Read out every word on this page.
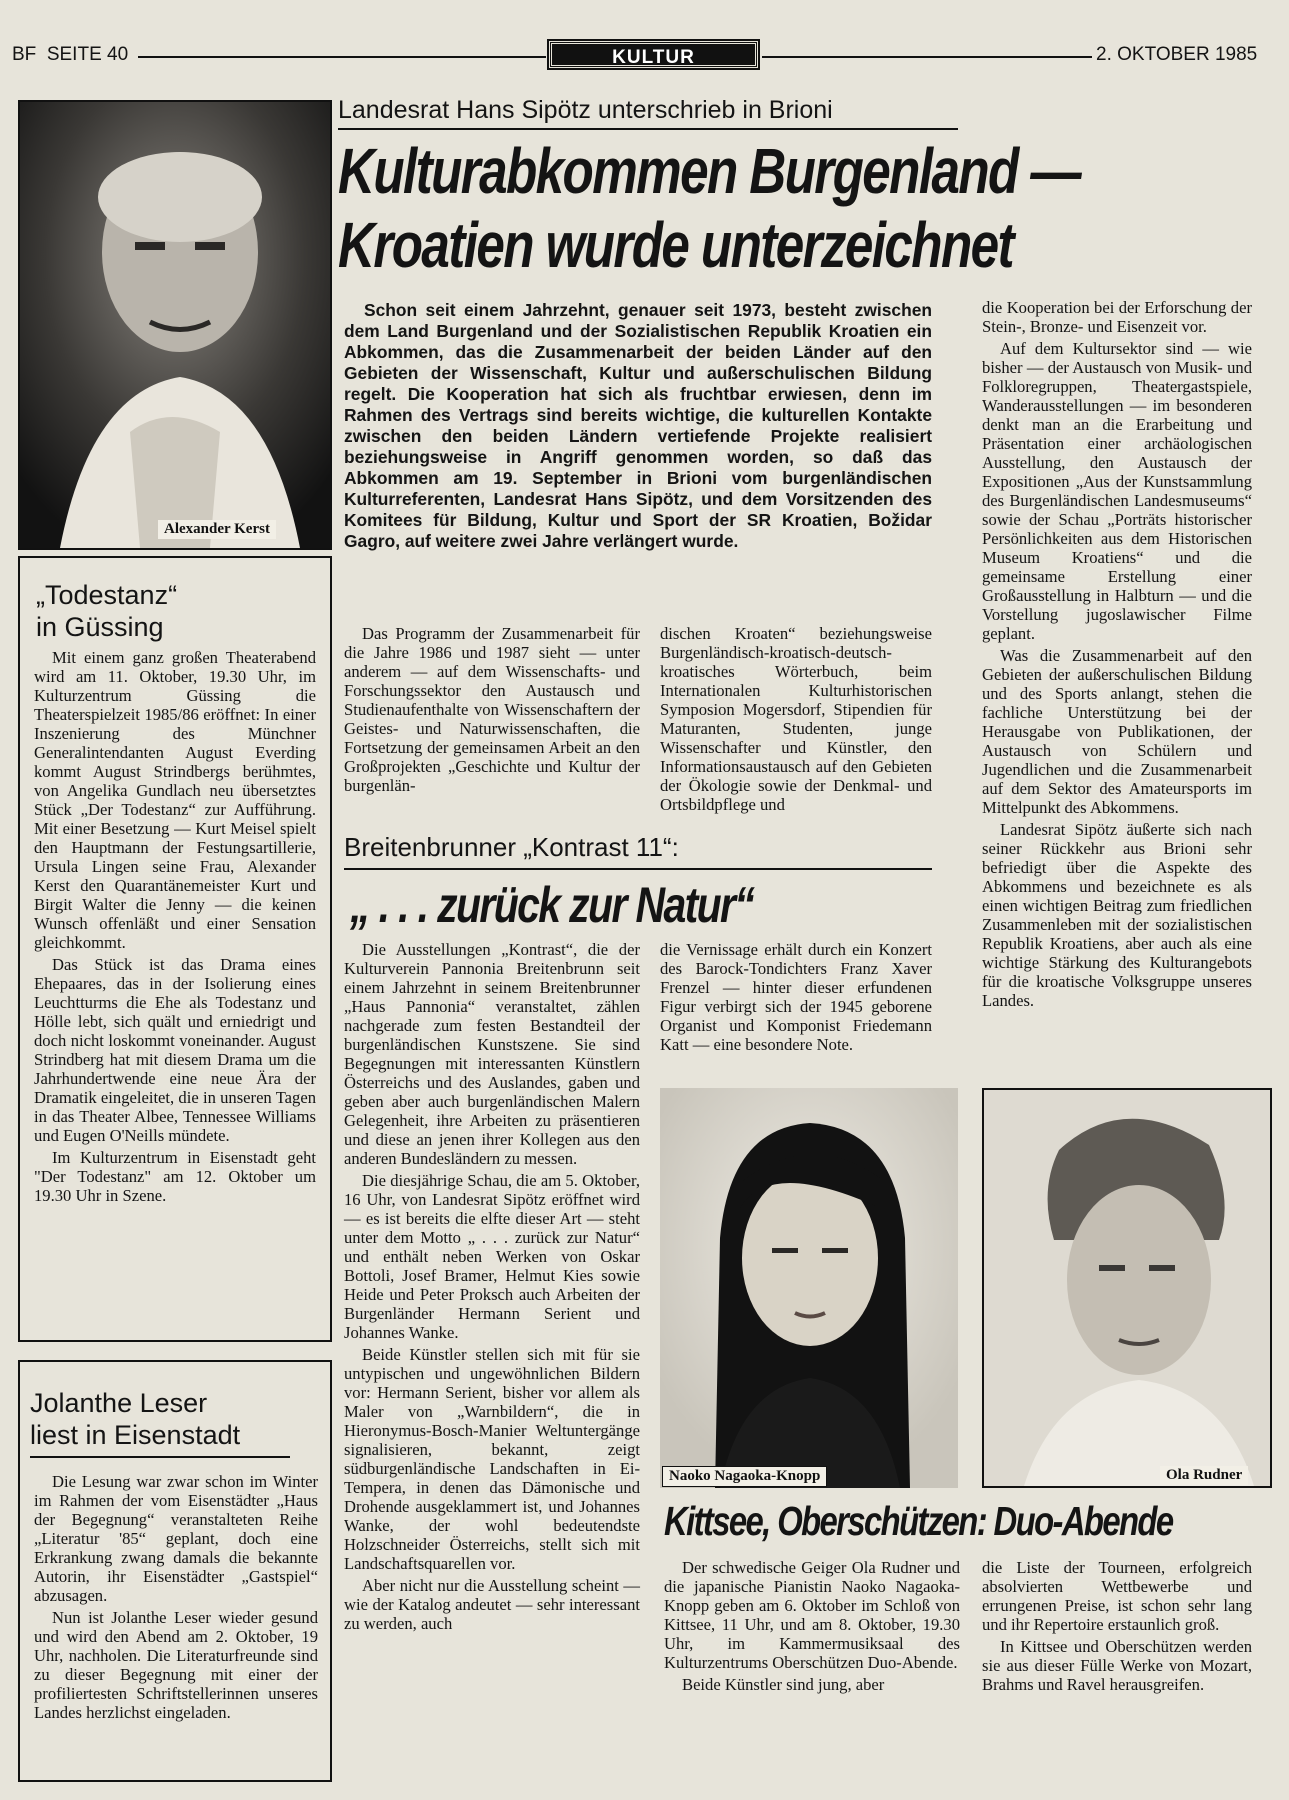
BF  SEITE 40	KULTUR	2. OKTOBER 1985
Alexander Kerst
„Todestanz“
in Güssing

Mit einem ganz großen Theaterabend wird am 11. Oktober, 19.30 Uhr, im Kulturzentrum Güssing die Theaterspielzeit 1985/86 eröffnet: In einer Inszenierung des Münchner Generalintendanten August Everding kommt August Strindbergs berühmtes, von Angelika Gundlach neu übersetztes Stück „Der Todestanz“ zur Aufführung. Mit einer Besetzung — Kurt Meisel spielt den Hauptmann der Festungsartillerie, Ursula Lingen seine Frau, Alexander Kerst den Quarantänemeister Kurt und Birgit Walter die Jenny — die keinen Wunsch offenläßt und einer Sensation gleichkommt.

Das Stück ist das Drama eines Ehepaares, das in der Isolierung eines Leuchtturms die Ehe als Todestanz und Hölle lebt, sich quält und erniedrigt und doch nicht loskommt voneinander. August Strindberg hat mit diesem Drama um die Jahrhundertwende eine neue Ära der Dramatik eingeleitet, die in unseren Tagen in das Theater Albee, Tennessee Williams und Eugen O'Neills mündete.

Im Kulturzentrum in Eisenstadt geht "Der Todestanz" am 12. Oktober um 19.30 Uhr in Szene.

Jolanthe Leser
liest in Eisenstadt

Die Lesung war zwar schon im Winter im Rahmen der vom Eisenstädter „Haus der Begegnung“ veranstalteten Reihe „Literatur '85“ geplant, doch eine Erkrankung zwang damals die bekannte Autorin, ihr Eisenstädter „Gastspiel“ abzusagen.

Nun ist Jolanthe Leser wieder gesund und wird den Abend am 2. Oktober, 19 Uhr, nachholen. Die Literaturfreunde sind zu dieser Begegnung mit einer der profiliertesten Schriftstellerinnen unseres Landes herzlichst eingeladen.

Landesrat Hans Sipötz unterschrieb in Brioni
Kulturabkommen Burgenland —
Kroatien wurde unterzeichnet
Schon seit einem Jahrzehnt, genauer seit 1973, besteht zwischen dem Land Burgenland und der Sozialistischen Republik Kroatien ein Abkommen, das die Zusammenarbeit der beiden Länder auf den Gebieten der Wissenschaft, Kultur und außerschulischen Bildung regelt. Die Kooperation hat sich als fruchtbar erwiesen, denn im Rahmen des Vertrags sind bereits wichtige, die kulturellen Kontakte zwischen den beiden Ländern vertiefende Projekte realisiert beziehungsweise in Angriff genommen worden, so daß das Abkommen am 19. September in Brioni vom burgenländischen Kulturreferenten, Landesrat Hans Sipötz, und dem Vorsitzenden des Komitees für Bildung, Kultur und Sport der SR Kroatien, Božidar Gagro, auf weitere zwei Jahre verlängert wurde.

Das Programm der Zusammenarbeit für die Jahre 1986 und 1987 sieht — unter anderem — auf dem Wissenschafts- und Forschungssektor den Austausch und Studienaufenthalte von Wissenschaftern der Geistes- und Naturwissenschaften, die Fortsetzung der gemeinsamen Arbeit an den Großprojekten „Geschichte und Kultur der burgenlän-

dischen Kroaten“ beziehungsweise Burgenländisch-kroatisch-deutsch-kroatisches Wörterbuch, beim Internationalen Kulturhistorischen Symposion Mogersdorf, Stipendien für Maturanten, Studenten, junge Wissenschafter und Künstler, den Informationsaustausch auf den Gebieten der Ökologie sowie der Denkmal- und Ortsbildpflege und

die Kooperation bei der Erforschung der Stein-, Bronze- und Eisenzeit vor.

Auf dem Kultursektor sind — wie bisher — der Austausch von Musik- und Folkloregruppen, Theatergastspiele, Wanderausstellungen — im besonderen denkt man an die Erarbeitung und Präsentation einer archäologischen Ausstellung, den Austausch der Expositionen „Aus der Kunstsammlung des Burgenländischen Landesmuseums“ sowie der Schau „Porträts historischer Persönlichkeiten aus dem Historischen Museum Kroatiens“ und die gemeinsame Erstellung einer Großausstellung in Halbturn — und die Vorstellung jugoslawischer Filme geplant.

Was die Zusammenarbeit auf den Gebieten der außerschulischen Bildung und des Sports anlangt, stehen die fachliche Unterstützung bei der Herausgabe von Publikationen, der Austausch von Schülern und Jugendlichen und die Zusammenarbeit auf dem Sektor des Amateursports im Mittelpunkt des Abkommens.

Landesrat Sipötz äußerte sich nach seiner Rückkehr aus Brioni sehr befriedigt über die Aspekte des Abkommens und bezeichnete es als einen wichtigen Beitrag zum friedlichen Zusammenleben mit der sozialistischen Republik Kroatiens, aber auch als eine wichtige Stärkung des Kulturangebots für die kroatische Volksgruppe unseres Landes.

Breitenbrunner „Kontrast 11“:
„ . . . zurück zur Natur“

Die Ausstellungen „Kontrast“, die der Kulturverein Pannonia Breitenbrunn seit einem Jahrzehnt in seinem Breitenbrunner „Haus Pannonia“ veranstaltet, zählen nachgerade zum festen Bestandteil der burgenländischen Kunstszene. Sie sind Begegnungen mit interessanten Künstlern Österreichs und des Auslandes, gaben und geben aber auch burgenländischen Malern Gelegenheit, ihre Arbeiten zu präsentieren und diese an jenen ihrer Kollegen aus den anderen Bundesländern zu messen.

Die diesjährige Schau, die am 5. Oktober, 16 Uhr, von Landesrat Sipötz eröffnet wird — es ist bereits die elfte dieser Art — steht unter dem Motto „ . . . zurück zur Natur“ und enthält neben Werken von Oskar Bottoli, Josef Bramer, Helmut Kies sowie Heide und Peter Proksch auch Arbeiten der Burgenländer Hermann Serient und Johannes Wanke.

Beide Künstler stellen sich mit für sie untypischen und ungewöhnlichen Bildern vor: Hermann Serient, bisher vor allem als Maler von „Warnbildern“, die in Hieronymus-Bosch-Manier Weltuntergänge signalisieren, bekannt, zeigt südburgenländische Landschaften in Ei-Tempera, in denen das Dämonische und Drohende ausgeklammert ist, und Johannes Wanke, der wohl bedeutendste Holzschneider Österreichs, stellt sich mit Landschaftsquarellen vor.

Aber nicht nur die Ausstellung scheint — wie der Katalog andeutet — sehr interessant zu werden, auch

die Vernissage erhält durch ein Konzert des Barock-Tondichters Franz Xaver Frenzel — hinter dieser erfundenen Figur verbirgt sich der 1945 geborene Organist und Komponist Friedemann Katt — eine besondere Note.

Naoko Nagaoka-Knopp	Ola Rudner
Kittsee, Oberschützen: Duo-Abende

Der schwedische Geiger Ola Rudner und die japanische Pianistin Naoko Nagaoka-Knopp geben am 6. Oktober im Schloß von Kittsee, 11 Uhr, und am 8. Oktober, 19.30 Uhr, im Kammermusiksaal des Kulturzentrums Oberschützen Duo-Abende.

Beide Künstler sind jung, aber

die Liste der Tourneen, erfolgreich absolvierten Wettbewerbe und errungenen Preise, ist schon sehr lang und ihr Repertoire erstaunlich groß.

In Kittsee und Oberschützen werden sie aus dieser Fülle Werke von Mozart, Brahms und Ravel herausgreifen.
